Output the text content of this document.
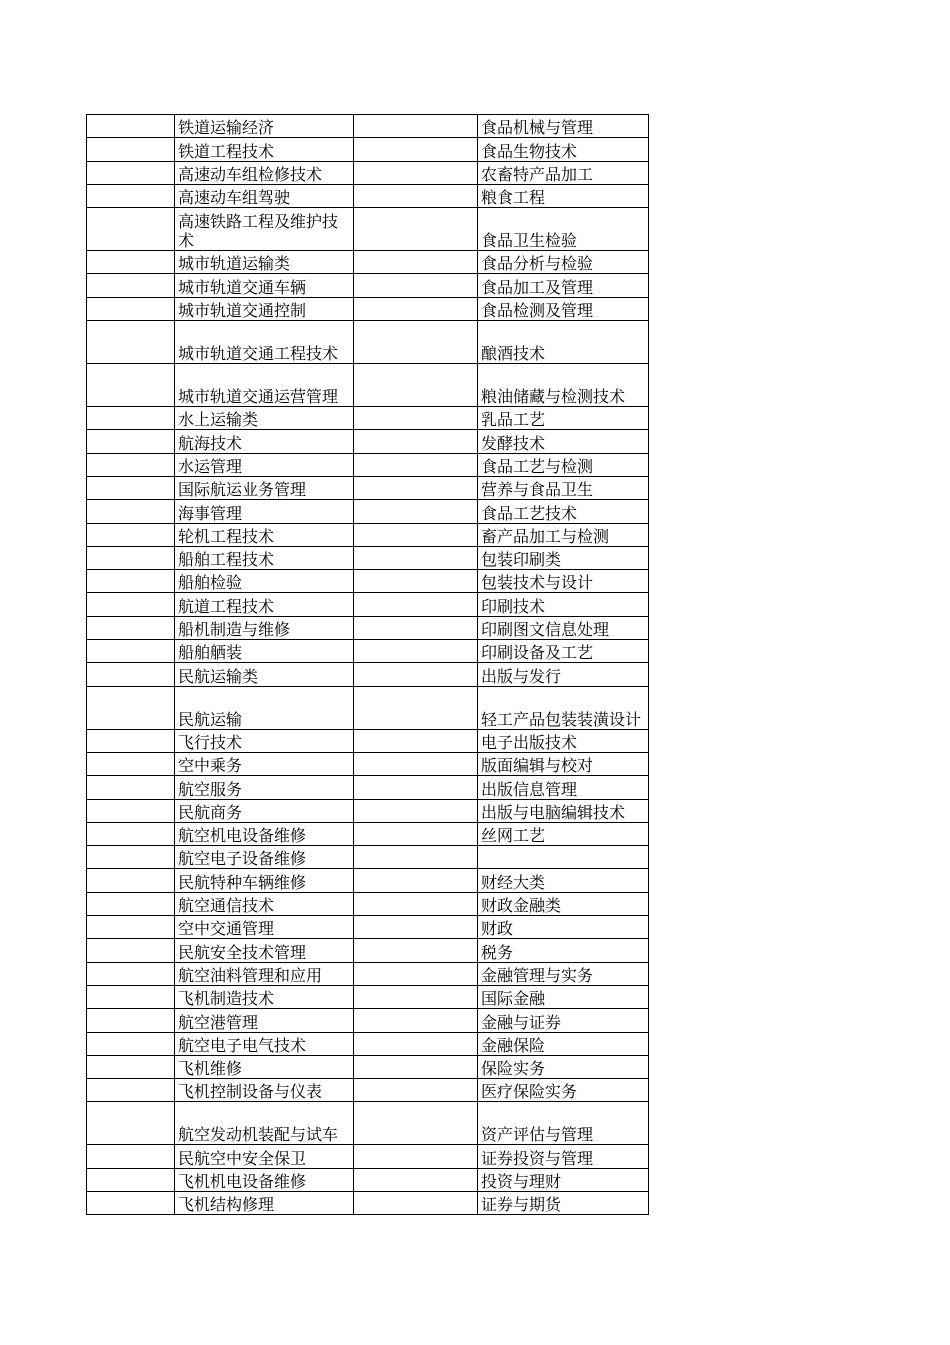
	铁道运输经济		食品机械与管理
	铁道工程技术		食品生物技术
	高速动车组检修技术		农畜特产品加工
	高速动车组驾驶		粮食工程
	高速铁路工程及维护技术		食品卫生检验
	城市轨道运输类		食品分析与检验
	城市轨道交通车辆		食品加工及管理
	城市轨道交通控制		食品检测及管理
	城市轨道交通工程技术		酿酒技术
	城市轨道交通运营管理		粮油储藏与检测技术
	水上运输类		乳品工艺
	航海技术		发酵技术
	水运管理		食品工艺与检测
	国际航运业务管理		营养与食品卫生
	海事管理		食品工艺技术
	轮机工程技术		畜产品加工与检测
	船舶工程技术		包装印刷类
	船舶检验		包装技术与设计
	航道工程技术		印刷技术
	船机制造与维修		印刷图文信息处理
	船舶舾装		印刷设备及工艺
	民航运输类		出版与发行
	民航运输		轻工产品包装装潢设计
	飞行技术		电子出版技术
	空中乘务		版面编辑与校对
	航空服务		出版信息管理
	民航商务		出版与电脑编辑技术
	航空机电设备维修		丝网工艺
	航空电子设备维修		
	民航特种车辆维修		财经大类
	航空通信技术		财政金融类
	空中交通管理		财政
	民航安全技术管理		税务
	航空油料管理和应用		金融管理与实务
	飞机制造技术		国际金融
	航空港管理		金融与证券
	航空电子电气技术		金融保险
	飞机维修		保险实务
	飞机控制设备与仪表		医疗保险实务
	航空发动机装配与试车		资产评估与管理
	民航空中安全保卫		证券投资与管理
	飞机机电设备维修		投资与理财
	飞机结构修理		证券与期货
